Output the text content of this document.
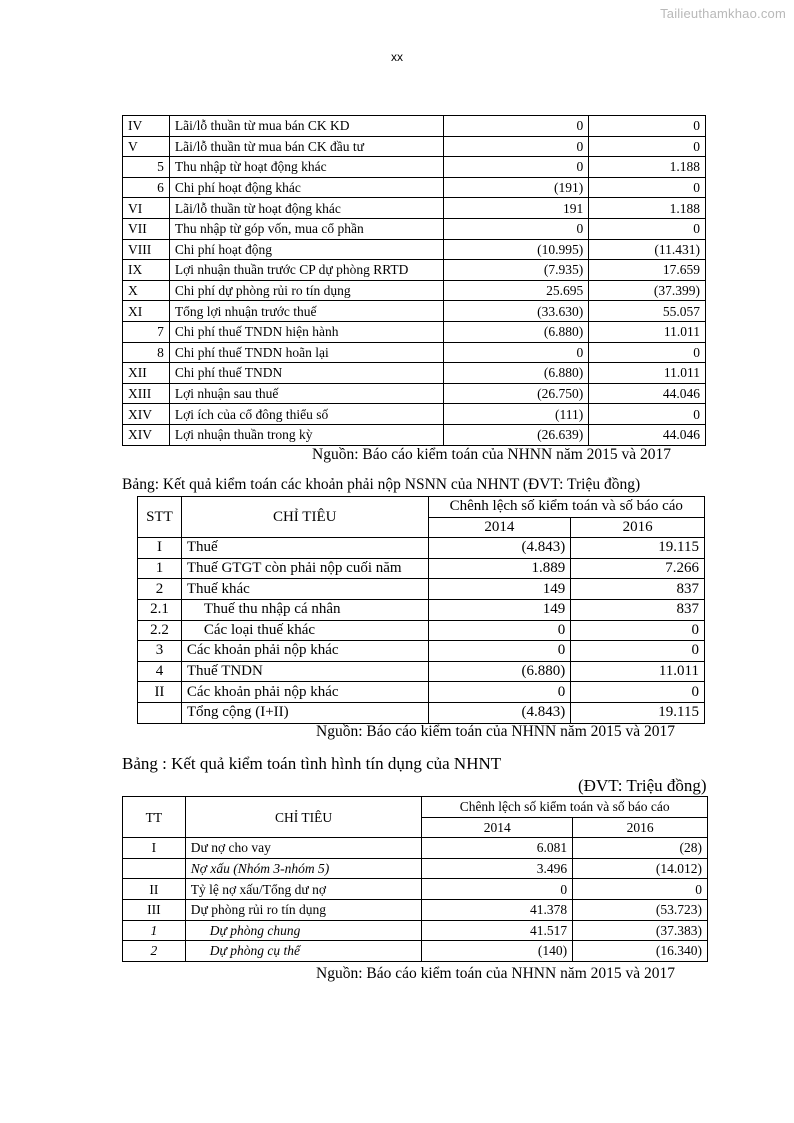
Tailieuthamkhao.com
xx
IV	Lãi/lỗ thuần từ mua bán CK KD	0	0
V	Lãi/lỗ thuần từ mua bán CK đầu tư	0	0
5	Thu nhập từ hoạt động khác	0	1.188
6	Chi phí hoạt động khác	(191)	0
VI	Lãi/lỗ thuần từ hoạt động khác	191	1.188
VII	Thu nhập từ góp vốn, mua cổ phần	0	0
VIII	Chi phí hoạt động	(10.995)	(11.431)
IX	Lợi nhuận thuần trước CP dự phòng RRTD	(7.935)	17.659
X	Chi phí dự phòng rủi ro tín dụng	25.695	(37.399)
XI	Tổng lợi nhuận trước thuế	(33.630)	55.057
7	Chi phí thuế TNDN hiện hành	(6.880)	11.011
8	Chi phí thuế TNDN hoãn lại	0	0
XII	Chi phí thuế TNDN	(6.880)	11.011
XIII	Lợi nhuận sau thuế	(26.750)	44.046
XIV	Lợi ích của cổ đông thiểu số	(111)	0
XIV	Lợi nhuận thuần trong kỳ	(26.639)	44.046
Nguồn: Báo cáo kiểm toán của NHNN năm 2015 và 2017
Bảng: Kết quả kiểm toán các khoản phải nộp NSNN của NHNT (ĐVT: Triệu đồng)
STT	CHỈ TIÊU	Chênh lệch số kiểm toán và số báo cáo	
		2014	2016
I	Thuế	(4.843)	19.115
1	Thuế GTGT còn phải nộp cuối năm	1.889	7.266
2	Thuế khác	149	837
2.1	Thuế thu nhập cá nhân	149	837
2.2	Các loại thuế khác	0	0
3	Các khoản phải nộp khác	0	0
4	Thuế TNDN	(6.880)	11.011
II	Các khoản phải nộp khác	0	0
	Tổng cộng (I+II)	(4.843)	19.115
Nguồn: Báo cáo kiểm toán của NHNN năm 2015 và 2017
Bảng : Kết quả kiểm toán tình hình tín dụng của NHNT
(ĐVT: Triệu đồng)
TT	CHỈ TIÊU	Chênh lệch số kiểm toán và số báo cáo	
		2014	2016
I	Dư nợ cho vay	6.081	(28)
	Nợ xấu (Nhóm 3-nhóm 5)	3.496	(14.012)
II	Tỷ lệ nợ xấu/Tổng dư nợ	0	0
III	Dự phòng rủi ro tín dụng	41.378	(53.723)
1	Dự phòng chung	41.517	(37.383)
2	Dự phòng cụ thể	(140)	(16.340)
Nguồn: Báo cáo kiểm toán của NHNN năm 2015 và 2017
